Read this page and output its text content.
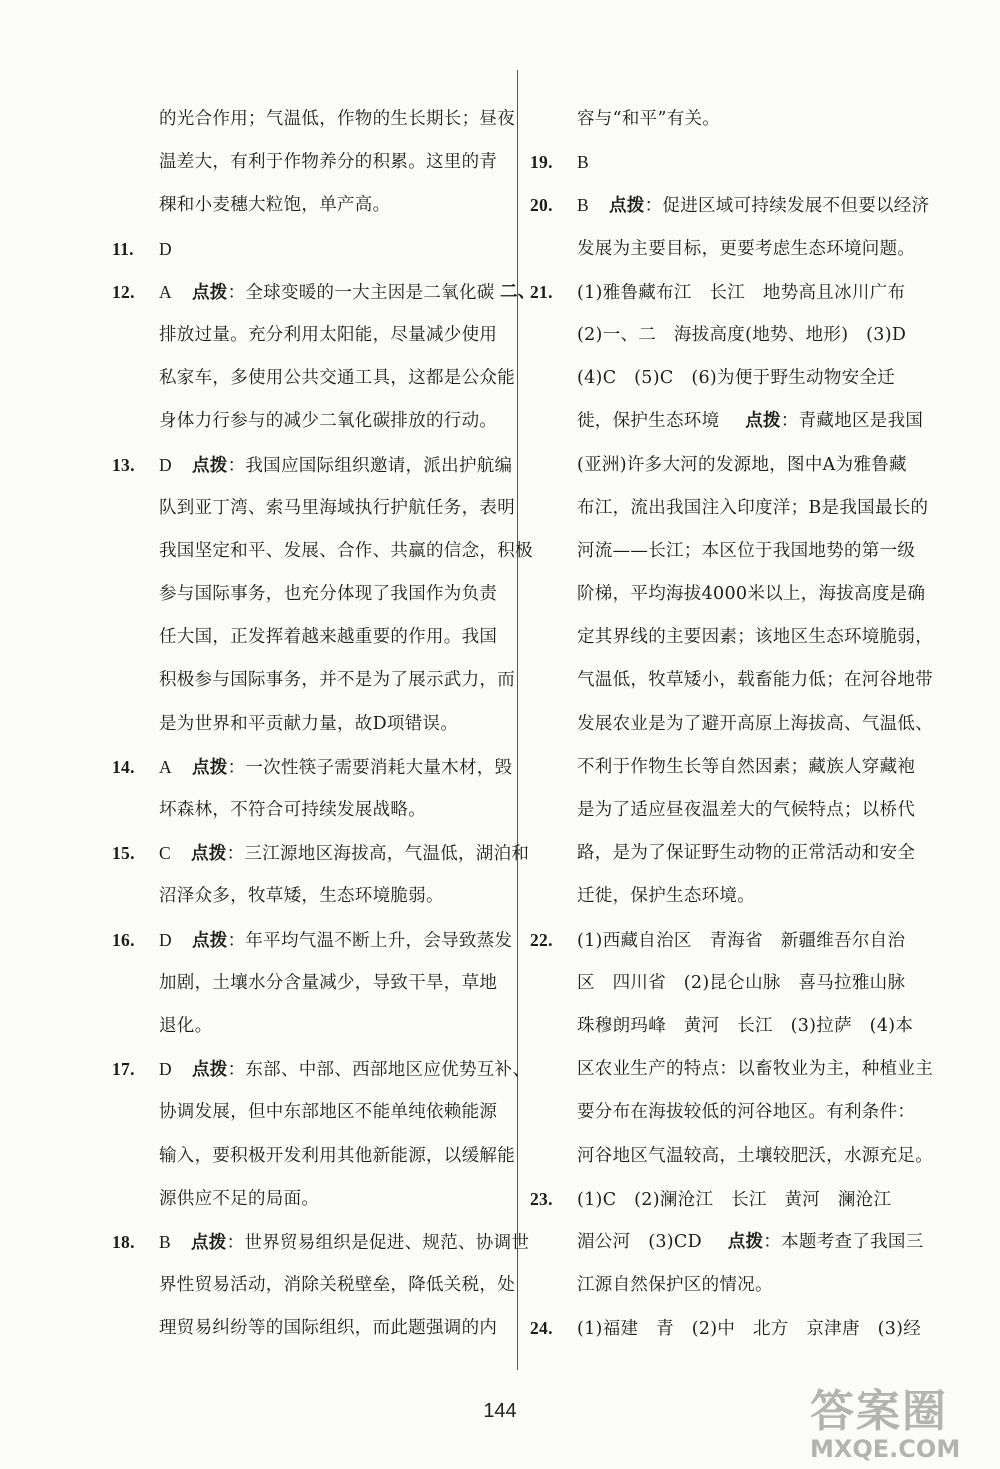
的光合作用；气温低，作物的生长期长；昼夜
温差大，有利于作物养分的积累。这里的青
稞和小麦穗大粒饱，单产高。
11. D
12. A 点拨：全球变暖的一大主因是二氧化碳
排放过量。充分利用太阳能，尽量减少使用
私家车，多使用公共交通工具，这都是公众能
身体力行参与的减少二氧化碳排放的行动。
13. D 点拨：我国应国际组织邀请，派出护航编
队到亚丁湾、索马里海域执行护航任务，表明
我国坚定和平、发展、合作、共赢的信念，积极
参与国际事务，也充分体现了我国作为负责
任大国，正发挥着越来越重要的作用。我国
积极参与国际事务，并不是为了展示武力，而
是为世界和平贡献力量，故D项错误。
14. A 点拨：一次性筷子需要消耗大量木材，毁
坏森林，不符合可持续发展战略。
15. C 点拨：三江源地区海拔高，气温低，湖泊和
沼泽众多，牧草矮，生态环境脆弱。
16. D 点拨：年平均气温不断上升，会导致蒸发
加剧，土壤水分含量减少，导致干旱，草地
退化。
17. D 点拨：东部、中部、西部地区应优势互补、
协调发展，但中东部地区不能单纯依赖能源
输入，要积极开发利用其他新能源，以缓解能
源供应不足的局面。
18. B 点拨：世界贸易组织是促进、规范、协调世
界性贸易活动，消除关税壁垒，降低关税，处
理贸易纠纷等的国际组织，而此题强调的内
容与“和平”有关。
19. B
20. B 点拨：促进区域可持续发展不但要以经济
发展为主要目标，更要考虑生态环境问题。
二、
21. (1)雅鲁藏布江　长江　地势高且冰川广布
(2)一、二　海拔高度(地势、地形)　(3)D
(4)C　(5)C　(6)为便于野生动物安全迁
徙，保护生态环境　点拨：青藏地区是我国
(亚洲)许多大河的发源地，图中A为雅鲁藏
布江，流出我国注入印度洋；B是我国最长的
河流——长江；本区位于我国地势的第一级
阶梯，平均海拔4000米以上，海拔高度是确
定其界线的主要因素；该地区生态环境脆弱，
气温低，牧草矮小，载畜能力低；在河谷地带
发展农业是为了避开高原上海拔高、气温低、
不利于作物生长等自然因素；藏族人穿藏袍
是为了适应昼夜温差大的气候特点；以桥代
路，是为了保证野生动物的正常活动和安全
迁徙，保护生态环境。
22. (1)西藏自治区　青海省　新疆维吾尔自治
区　四川省　(2)昆仑山脉　喜马拉雅山脉
珠穆朗玛峰　黄河　长江　(3)拉萨　(4)本
区农业生产的特点：以畜牧业为主，种植业主
要分布在海拔较低的河谷地区。有利条件：
河谷地区气温较高，土壤较肥沃，水源充足。
23. (1)C　(2)澜沧江　长江　黄河　澜沧江
湄公河　(3)CD　点拨：本题考查了我国三
江源自然保护区的情况。
24. (1)福建　青　(2)中　北方　京津唐　(3)经
144	答案圈
MXQE.COM
